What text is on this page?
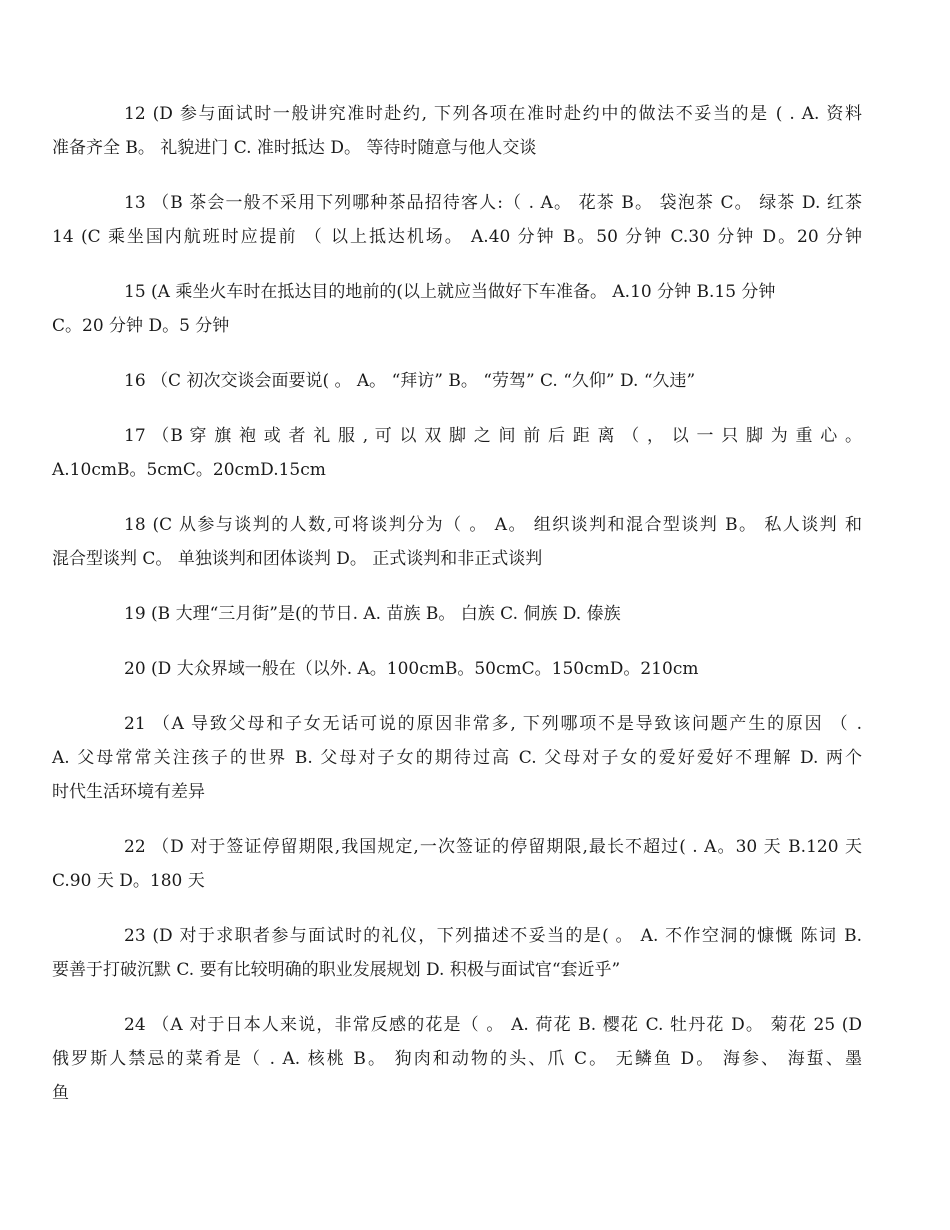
12 (D 参与面试时一般讲究准时赴约, 下列各项在准时赴约中的做法不妥当的是 ( . A. 资料
准备齐全 B。 礼貌进门 C. 准时抵达 D。 等待时随意与他人交谈

13 （B 茶会一般不采用下列哪种茶品招待客人:（ . A。 花茶 B。 袋泡茶 C。 绿茶 D. 红茶
14 (C 乘坐国内航班时应提前 （ 以上抵达机场。 A.40 分钟 B。50 分钟 C.30 分钟 D。20 分钟

15 (A 乘坐火车时在抵达目的地前的(以上就应当做好下车准备。 A.10 分钟 B.15 分钟
C。20 分钟 D。5 分钟

16 （C 初次交谈会面要说( 。 A。 “拜访” B。 “劳驾” C. “久仰” D. “久违”

17 （B 穿 旗 袍 或 者 礼 服 , 可 以 双 脚 之 间 前 后 距 离 （ ， 以 一 只 脚 为 重 心 。
A.10cmB。5cmC。20cmD.15cm

18 (C 从参与谈判的人数,可将谈判分为（ 。 A。 组织谈判和混合型谈判 B。 私人谈判 和
混合型谈判 C。 单独谈判和团体谈判 D。 正式谈判和非正式谈判

19 (B 大理“三月街”是(的节日. A. 苗族 B。 白族 C. 侗族 D. 傣族

20 (D 大众界域一般在（以外. A。100cmB。50cmC。150cmD。210cm

21 （A 导致父母和子女无话可说的原因非常多, 下列哪项不是导致该问题产生的原因 （ .
A. 父母常常关注孩子的世界 B. 父母对子女的期待过高 C. 父母对子女的爱好爱好不理解 D. 两个
时代生活环境有差异

22 （D 对于签证停留期限,我国规定,一次签证的停留期限,最长不超过( . A。30 天 B.120 天
C.90 天 D。180 天

23 (D 对于求职者参与面试时的礼仪，下列描述不妥当的是( 。 A. 不作空洞的慷慨 陈词 B.
要善于打破沉默 C. 要有比较明确的职业发展规划 D. 积极与面试官“套近乎”

24 （A 对于日本人来说，非常反感的花是（ 。 A. 荷花 B. 樱花 C. 牡丹花 D。 菊花 25 (D
俄罗斯人禁忌的菜肴是（ . A. 核桃 B。 狗肉和动物的头、爪 C。 无鳞鱼 D。 海参、 海蜇、墨
鱼
